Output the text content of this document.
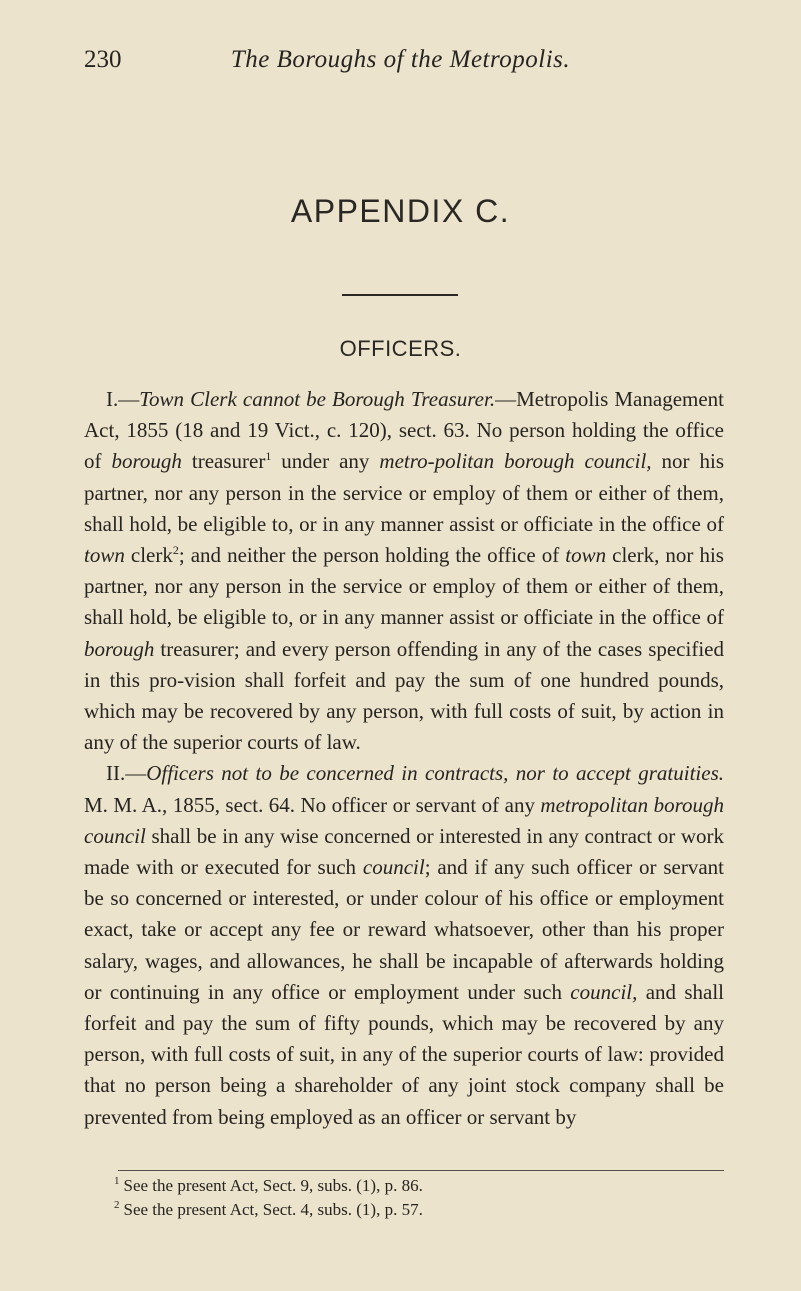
230	The Boroughs of the Metropolis.
APPENDIX C.
OFFICERS.

I.—Town Clerk cannot be Borough Treasurer.—Metropolis Management Act, 1855 (18 and 19 Vict., c. 120), sect. 63. No person holding the office of borough treasurer$^1$ under any metro-politan borough council, nor his partner, nor any person in the service or employ of them or either of them, shall hold, be eligible to, or in any manner assist or officiate in the office of town clerk$^2$; and neither the person holding the office of town clerk, nor his partner, nor any person in the service or employ of them or either of them, shall hold, be eligible to, or in any manner assist or officiate in the office of borough treasurer; and every person offending in any of the cases specified in this pro-vision shall forfeit and pay the sum of one hundred pounds, which may be recovered by any person, with full costs of suit, by action in any of the superior courts of law.

II.—Officers not to be concerned in contracts, nor to accept gratuities. M. M. A., 1855, sect. 64. No officer or servant of any metropolitan borough council shall be in any wise concerned or interested in any contract or work made with or executed for such council; and if any such officer or servant be so concerned or interested, or under colour of his office or employment exact, take or accept any fee or reward whatsoever, other than his proper salary, wages, and allowances, he shall be incapable of afterwards holding or continuing in any office or employment under such council, and shall forfeit and pay the sum of fifty pounds, which may be recovered by any person, with full costs of suit, in any of the superior courts of law: provided that no person being a shareholder of any joint stock company shall be prevented from being employed as an officer or servant by

$^1$ See the present Act, Sect. 9, subs. (1), p. 86.
$^2$ See the present Act, Sect. 4, subs. (1), p. 57.
